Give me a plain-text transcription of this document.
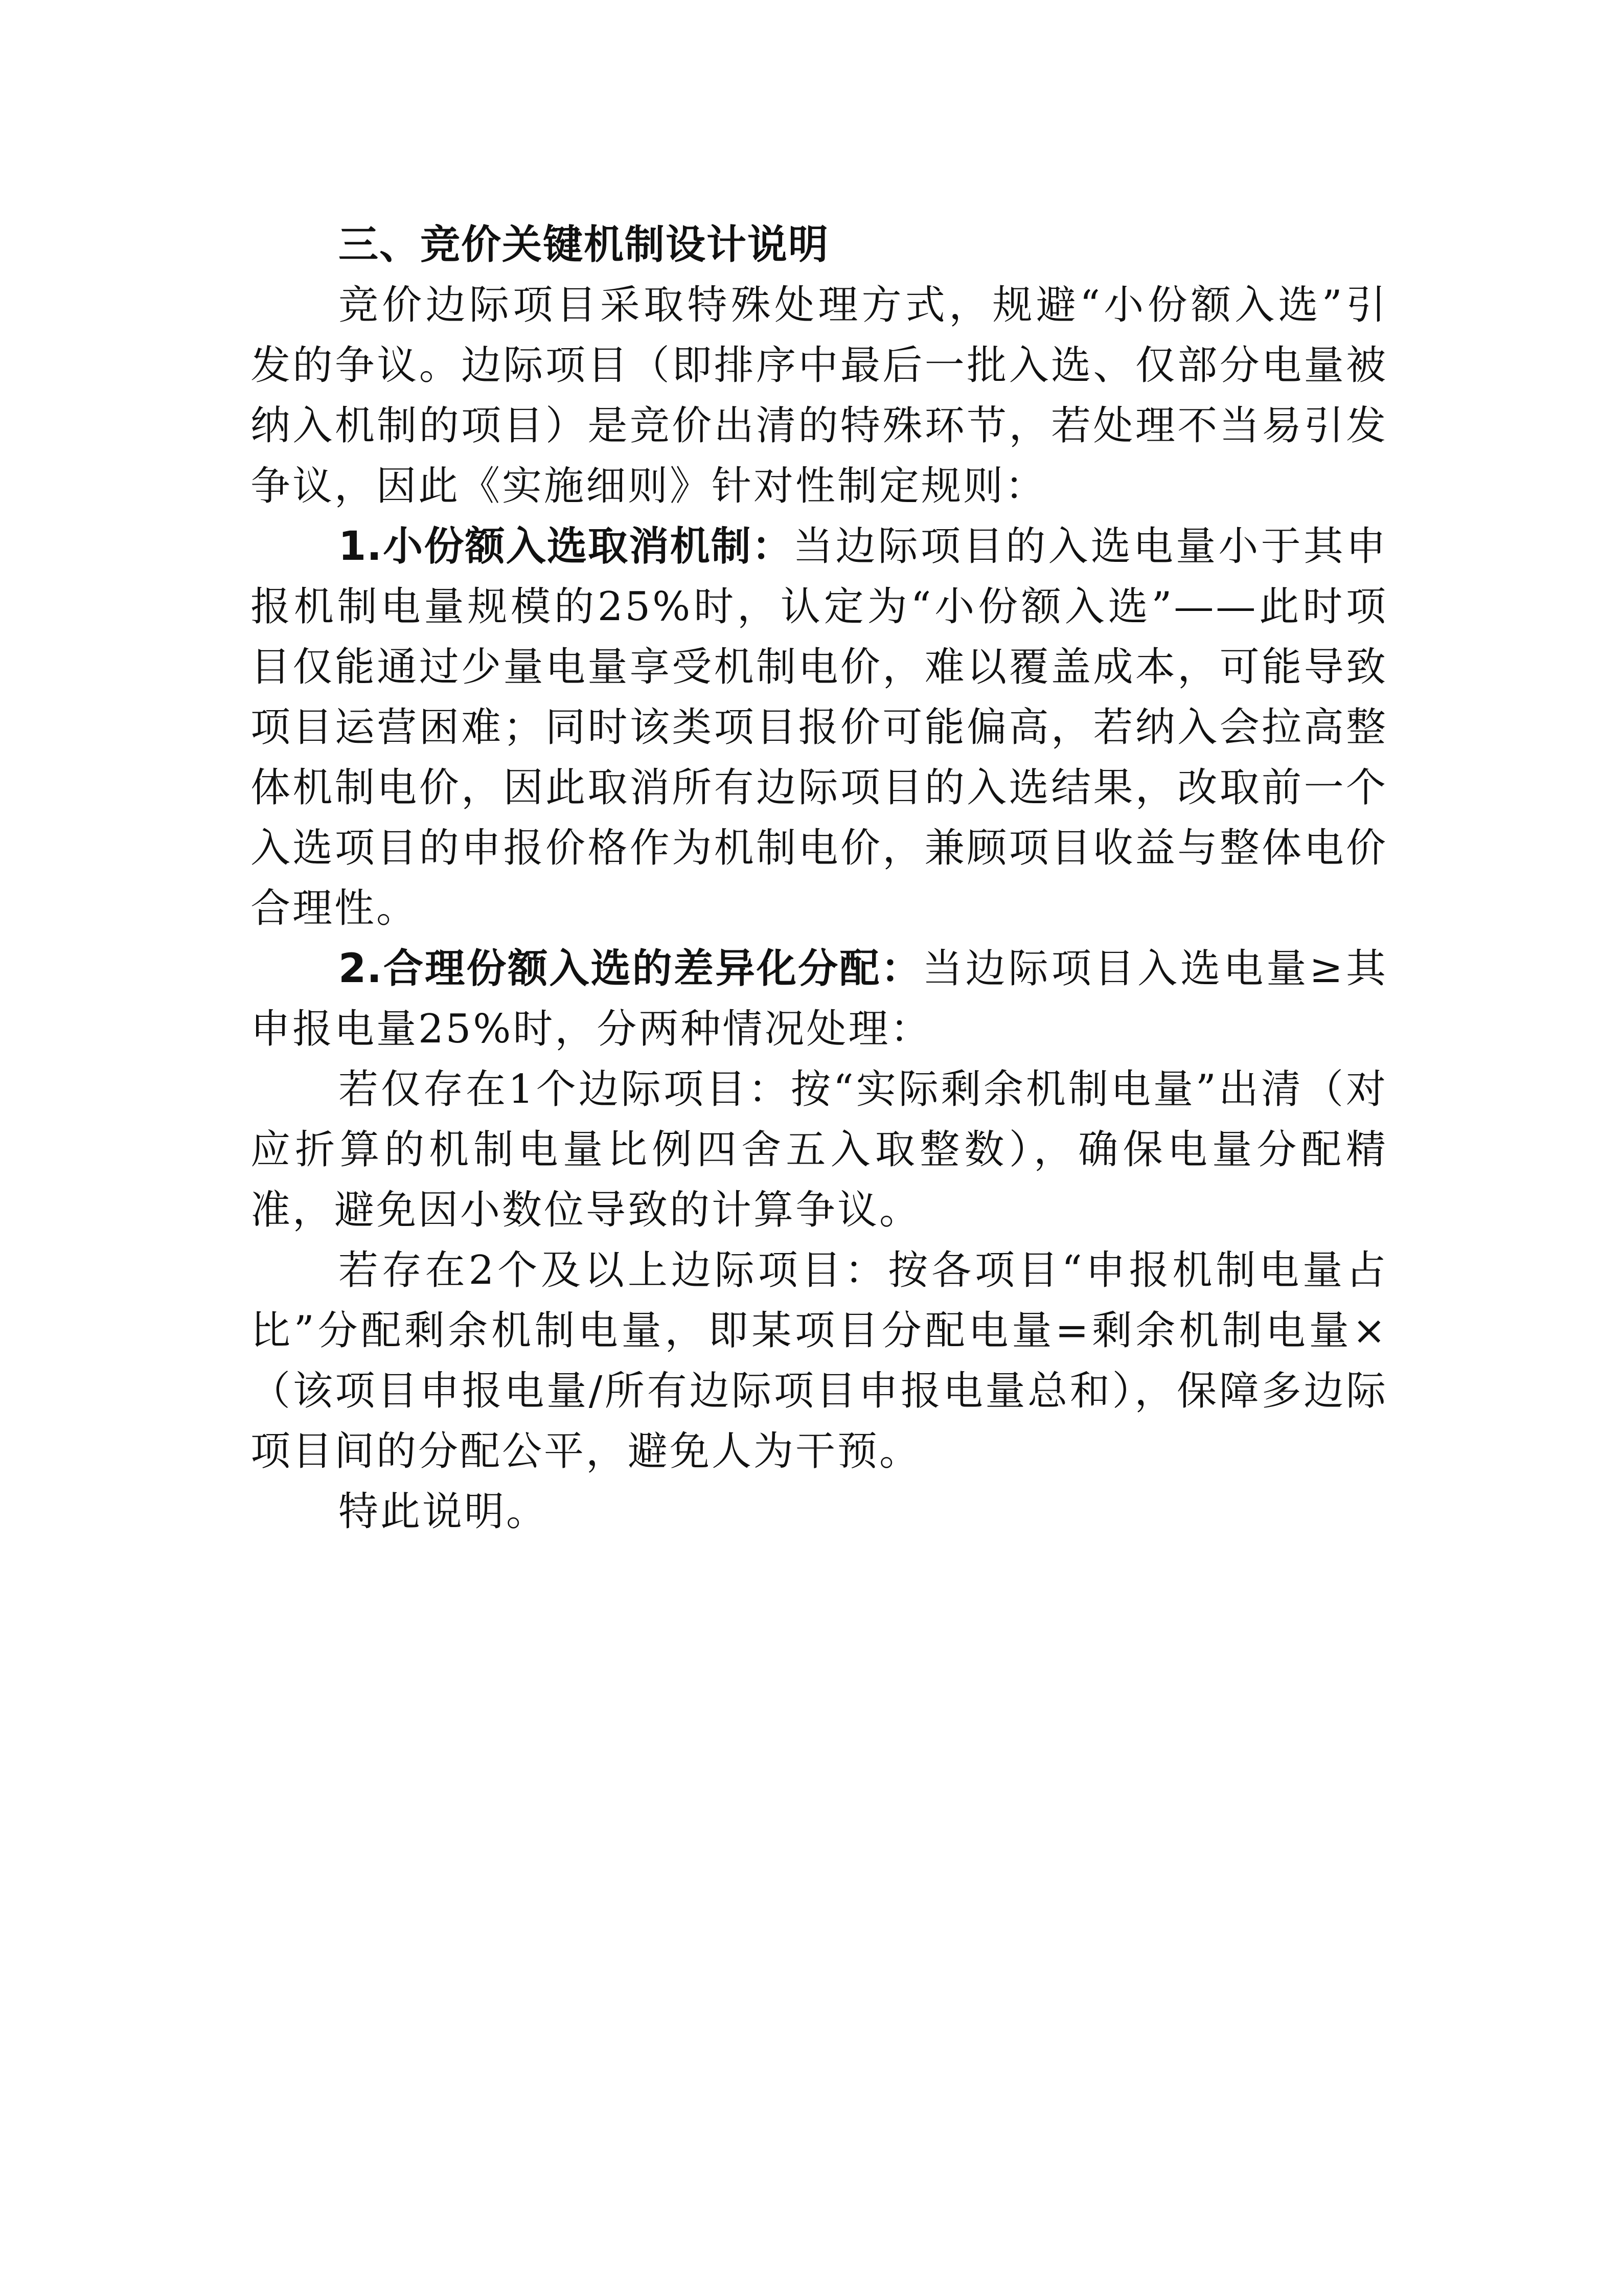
三、竞价关键机制设计说明

竞价边际项目采取特殊处理方式，规避“小份额入选”引发的争议。边际项目（即排序中最后一批入选、仅部分电量被纳入机制的项目）是竞价出清的特殊环节，若处理不当易引发争议，因此《实施细则》针对性制定规则：

1.小份额入选取消机制：当边际项目的入选电量小于其申报机制电量规模的25%时，认定为“小份额入选”——此时项目仅能通过少量电量享受机制电价，难以覆盖成本，可能导致项目运营困难；同时该类项目报价可能偏高，若纳入会拉高整体机制电价，因此取消所有边际项目的入选结果，改取前一个入选项目的申报价格作为机制电价，兼顾项目收益与整体电价合理性。

2.合理份额入选的差异化分配：当边际项目入选电量≥其申报电量25%时，分两种情况处理：

若仅存在1个边际项目：按“实际剩余机制电量”出清（对应折算的机制电量比例四舍五入取整数），确保电量分配精准，避免因小数位导致的计算争议。

若存在2个及以上边际项目：按各项目“申报机制电量占比”分配剩余机制电量，即某项目分配电量=剩余机制电量×（该项目申报电量/所有边际项目申报电量总和），保障多边际项目间的分配公平，避免人为干预。

特此说明。
